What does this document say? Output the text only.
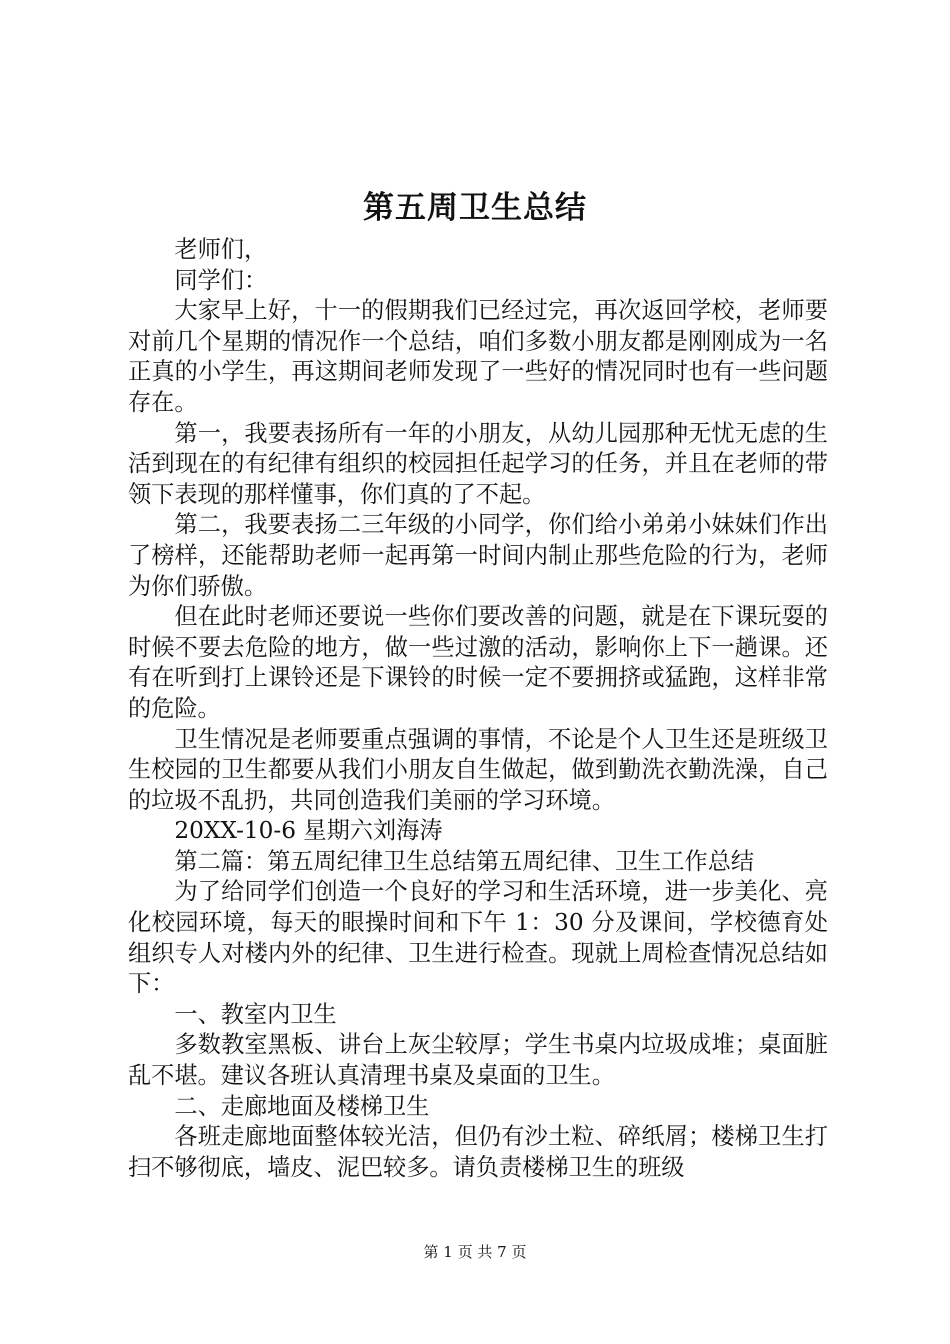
第五周卫生总结

老师们，

同学们：

大家早上好，十一的假期我们已经过完，再次返回学校，老师要对前几个星期的情况作一个总结，咱们多数小朋友都是刚刚成为一名正真的小学生，再这期间老师发现了一些好的情况同时也有一些问题存在。

第一，我要表扬所有一年的小朋友，从幼儿园那种无忧无虑的生活到现在的有纪律有组织的校园担任起学习的任务，并且在老师的带领下表现的那样懂事，你们真的了不起。

第二，我要表扬二三年级的小同学，你们给小弟弟小妹妹们作出了榜样，还能帮助老师一起再第一时间内制止那些危险的行为，老师为你们骄傲。

但在此时老师还要说一些你们要改善的问题，就是在下课玩耍的时候不要去危险的地方，做一些过激的活动，影响你上下一趟课。还有在听到打上课铃还是下课铃的时候一定不要拥挤或猛跑，这样非常的危险。

卫生情况是老师要重点强调的事情，不论是个人卫生还是班级卫生校园的卫生都要从我们小朋友自生做起，做到勤洗衣勤洗澡，自己的垃圾不乱扔，共同创造我们美丽的学习环境。

20XX-10-6 星期六刘海涛

第二篇：第五周纪律卫生总结第五周纪律、卫生工作总结

为了给同学们创造一个良好的学习和生活环境，进一步美化、亮化校园环境，每天的眼操时间和下午 1：30 分及课间，学校德育处组织专人对楼内外的纪律、卫生进行检查。现就上周检查情况总结如下：

一、教室内卫生

多数教室黑板、讲台上灰尘较厚；学生书桌内垃圾成堆；桌面脏乱不堪。建议各班认真清理书桌及桌面的卫生。

二、走廊地面及楼梯卫生

各班走廊地面整体较光洁，但仍有沙土粒、碎纸屑；楼梯卫生打扫不够彻底，墙皮、泥巴较多。请负责楼梯卫生的班级

第 1 页 共 7 页
